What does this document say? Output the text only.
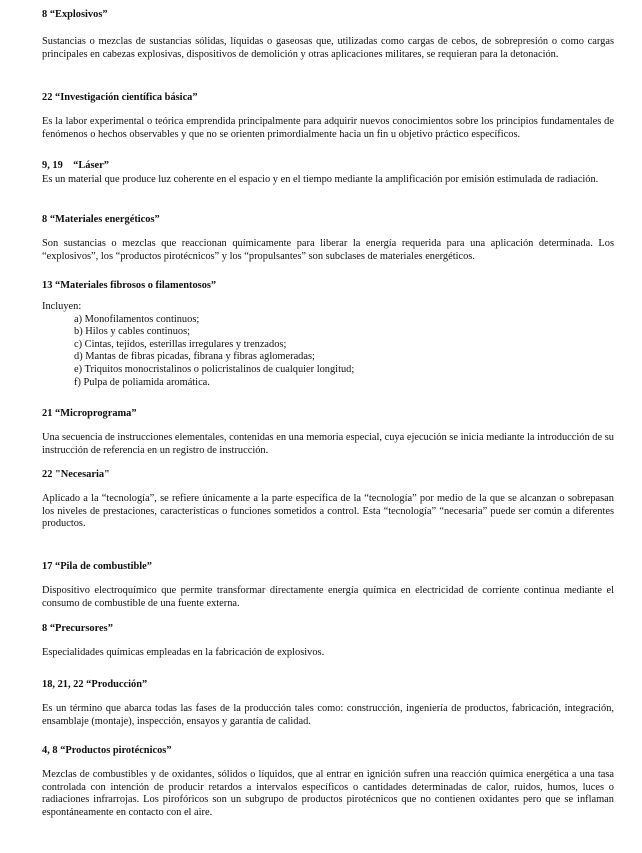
8 “Explosivos”

Sustancias o mezclas de sustancias sólidas, líquidas o gaseosas que, utilizadas como cargas de cebos, de sobrepresión o como cargas principales en cabezas explosivas, dispositivos de demolición y otras aplicaciones militares, se requieran para la detonación.

22 “Investigación científica básica”

Es la labor experimental o teórica emprendida principalmente para adquirir nuevos conocimientos sobre los principios fundamentales de fenómenos o hechos observables y que no se orienten primordialmente hacia un fin u objetivo práctico específicos.

9, 19 “Láser”

Es un material que produce luz coherente en el espacio y en el tiempo mediante la amplificación por emisión estimulada de radiación.

8 “Materiales energéticos”

Son sustancias o mezclas que reaccionan químicamente para liberar la energía requerida para una aplicación determinada. Los “explosivos”, los “productos pirotécnicos” y los “propulsantes” son subclases de materiales energéticos.

13 “Materiales fibrosos o filamentosos”

Incluyen:

a) Monofilamentos continuos;
b) Hilos y cables continuos;
c) Cintas, tejidos, esterillas irregulares y trenzados;
d) Mantas de fibras picadas, fibrana y fibras aglomeradas;
e) Triquitos monocristalinos o policristalinos de cualquier longitud;
f) Pulpa de poliamida aromática.
21 “Microprograma”

Una secuencia de instrucciones elementales, contenidas en una memoria especial, cuya ejecución se inicia mediante la introducción de su instrucción de referencia en un registro de instrucción.

22 "Necesaria"

Aplicado a la “tecnología”, se refiere únicamente a la parte específica de la “tecnología” por medio de la que se alcanzan o sobrepasan los niveles de prestaciones, características o funciones sometidos a control. Esta “tecnología” “necesaria” puede ser común a diferentes productos.

17 “Pila de combustible”

Dispositivo electroquímico que permite transformar directamente energía química en electricidad de corriente continua mediante el consumo de combustible de una fuente externa.

8 “Precursores”

Especialidades químicas empleadas en la fabricación de explosivos.

18, 21, 22 “Producción”

Es un término que abarca todas las fases de la producción tales como: construcción, ingeniería de productos, fabricación, integración, ensamblaje (montaje), inspección, ensayos y garantía de calidad.

4, 8 “Productos pirotécnicos”

Mezclas de combustibles y de oxidantes, sólidos o líquidos, que al entrar en ignición sufren una reacción química energética a una tasa controlada con intención de producir retardos a intervalos específicos o cantidades determinadas de calor, ruidos, humos, luces o radiaciones infrarrojas. Los pirofóricos son un subgrupo de productos pirotécnicos que no contienen oxidantes pero que se inflaman espontáneamente en contacto con el aire.
